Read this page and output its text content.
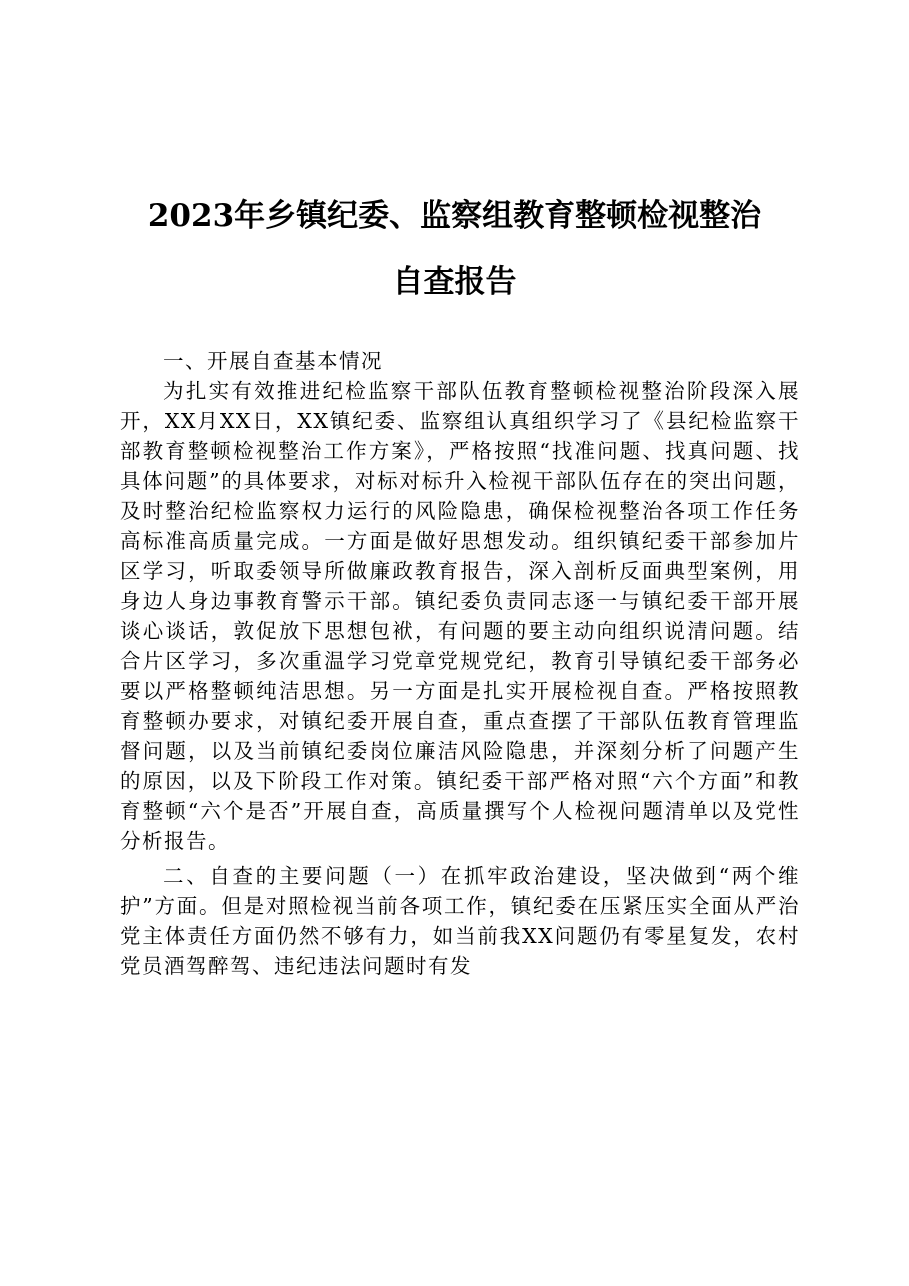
2023年乡镇纪委、监察组教育整顿检视整治
自查报告

一、开展自查基本情况

为扎实有效推进纪检监察干部队伍教育整顿检视整治阶段深入展开，XX月XX日，XX镇纪委、监察组认真组织学习了《县纪检监察干部教育整顿检视整治工作方案》，严格按照“找准问题、找真问题、找具体问题”的具体要求，对标对标升入检视干部队伍存在的突出问题，及时整治纪检监察权力运行的风险隐患，确保检视整治各项工作任务高标准高质量完成。一方面是做好思想发动。组织镇纪委干部参加片区学习，听取委领导所做廉政教育报告，深入剖析反面典型案例，用身边人身边事教育警示干部。镇纪委负责同志逐一与镇纪委干部开展谈心谈话，敦促放下思想包袱，有问题的要主动向组织说清问题。结合片区学习，多次重温学习党章党规党纪，教育引导镇纪委干部务必要以严格整顿纯洁思想。另一方面是扎实开展检视自查。严格按照教育整顿办要求，对镇纪委开展自查，重点查摆了干部队伍教育管理监督问题，以及当前镇纪委岗位廉洁风险隐患，并深刻分析了问题产生的原因，以及下阶段工作对策。镇纪委干部严格对照“六个方面”和教育整顿“六个是否”开展自查，高质量撰写个人检视问题清单以及党性分析报告。

二、自查的主要问题（一）在抓牢政治建设，坚决做到“两个维护”方面。但是对照检视当前各项工作，镇纪委在压紧压实全面从严治党主体责任方面仍然不够有力，如当前我XX问题仍有零星复发，农村党员酒驾醉驾、违纪违法问题时有发
